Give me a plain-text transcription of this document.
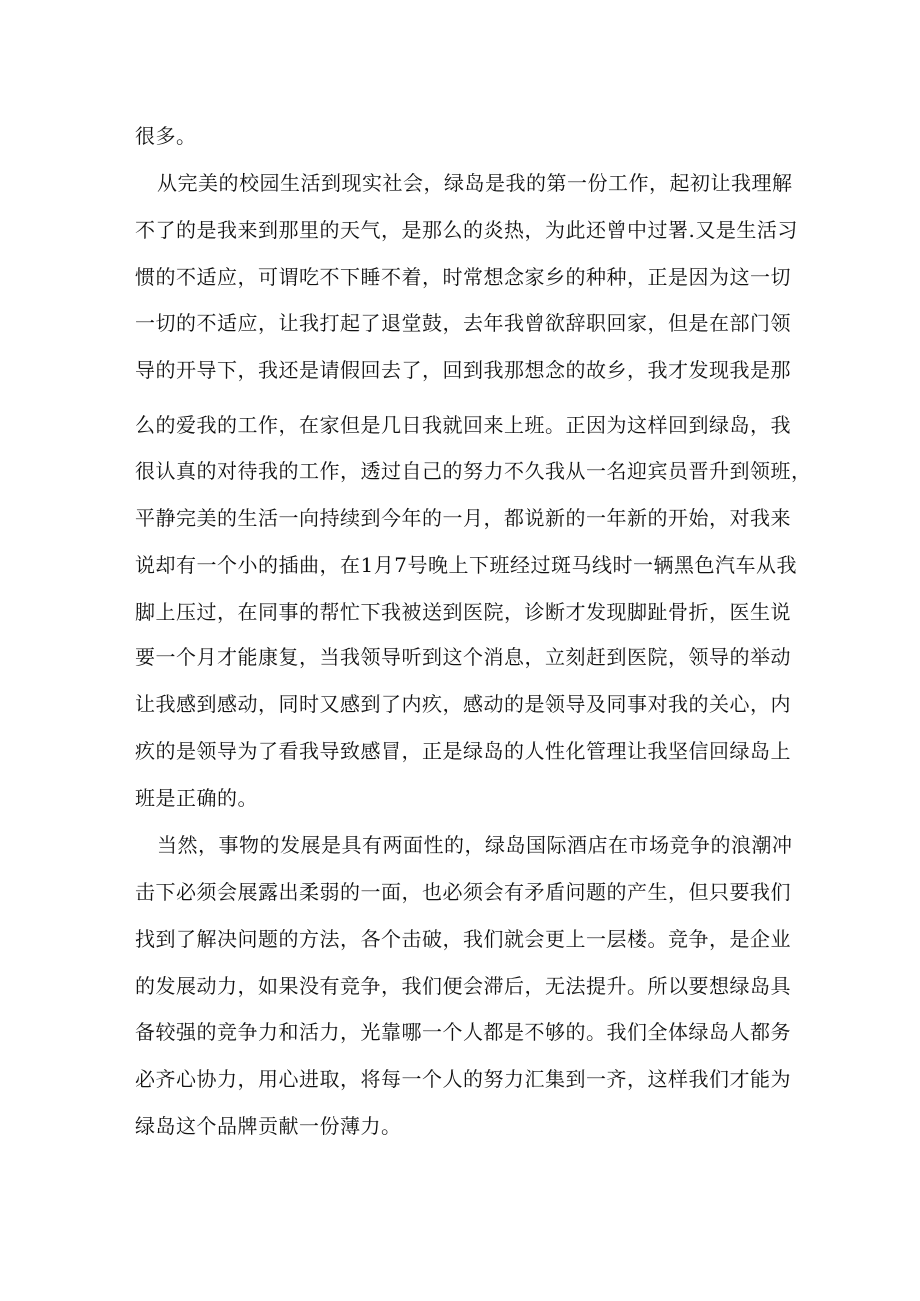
很多。
从完美的校园生活到现实社会，绿岛是我的第一份工作，起初让我理解
不了的是我来到那里的天气，是那么的炎热，为此还曾中过署.又是生活习
惯的不适应，可谓吃不下睡不着，时常想念家乡的种种，正是因为这一切
一切的不适应，让我打起了退堂鼓，去年我曾欲辞职回家，但是在部门领
导的开导下，我还是请假回去了，回到我那想念的故乡，我才发现我是那
么的爱我的工作，在家但是几日我就回来上班。正因为这样回到绿岛，我
很认真的对待我的工作，透过自己的努力不久我从一名迎宾员晋升到领班，
平静完美的生活一向持续到今年的一月，都说新的一年新的开始，对我来
说却有一个小的插曲，在1月7号晚上下班经过斑马线时一辆黑色汽车从我
脚上压过，在同事的帮忙下我被送到医院，诊断才发现脚趾骨折，医生说
要一个月才能康复，当我领导听到这个消息，立刻赶到医院，领导的举动
让我感到感动，同时又感到了内疚，感动的是领导及同事对我的关心，内
疚的是领导为了看我导致感冒，正是绿岛的人性化管理让我坚信回绿岛上
班是正确的。
当然，事物的发展是具有两面性的，绿岛国际酒店在市场竞争的浪潮冲
击下必须会展露出柔弱的一面，也必须会有矛盾问题的产生，但只要我们
找到了解决问题的方法，各个击破，我们就会更上一层楼。竞争，是企业
的发展动力，如果没有竞争，我们便会滞后，无法提升。所以要想绿岛具
备较强的竞争力和活力，光靠哪一个人都是不够的。我们全体绿岛人都务
必齐心协力，用心进取，将每一个人的努力汇集到一齐，这样我们才能为
绿岛这个品牌贡献一份薄力。
